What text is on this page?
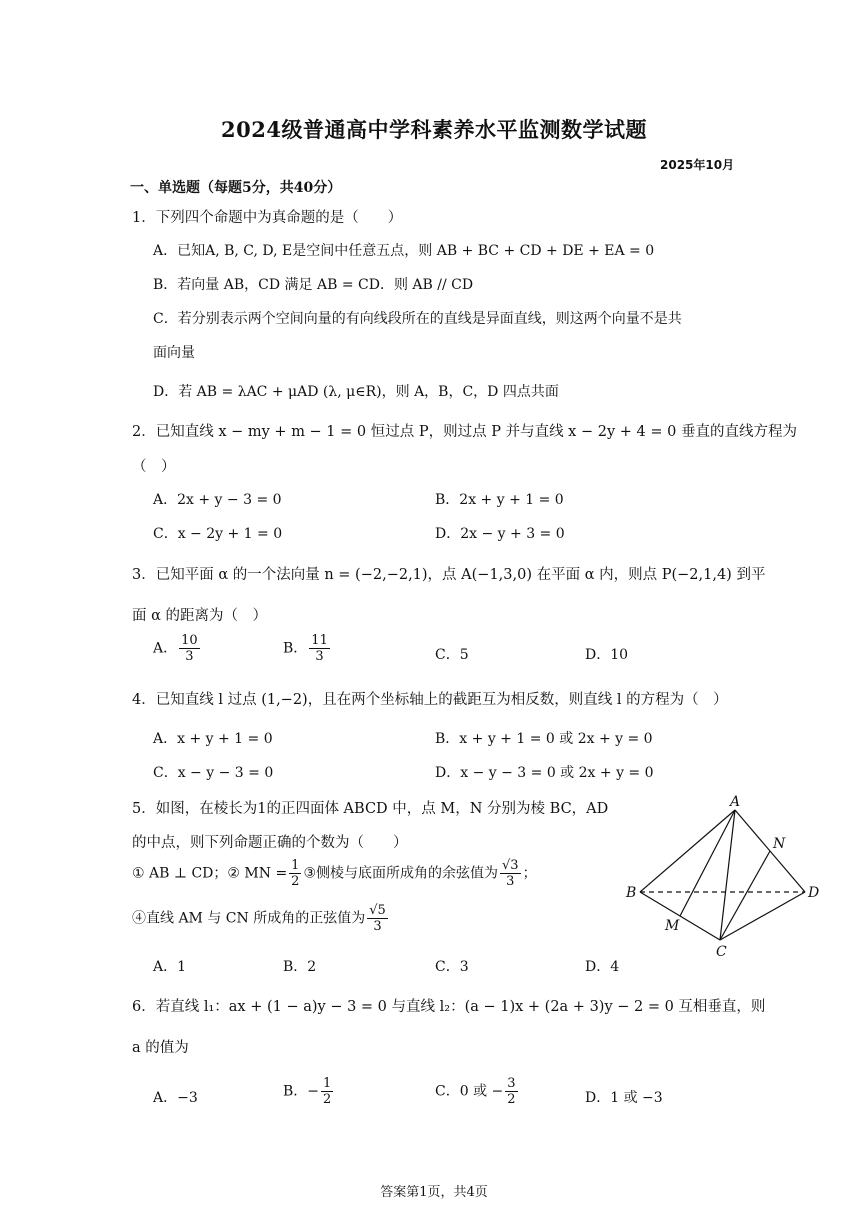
2024级普通高中学科素养水平监测数学试题
2025年10月
一、单选题（每题5分，共40分）
1．下列四个命题中为真命题的是（　　）
A．已知A, B, C, D, E是空间中任意五点，则 AB + BC + CD + DE + EA = 0
B．若向量 AB，CD 满足 AB = CD．则 AB // CD
C．若分别表示两个空间向量的有向线段所在的直线是异面直线，则这两个向量不是共
面向量
D．若 AB = λAC + μAD (λ, μ∈R)，则 A，B，C，D 四点共面
2．已知直线 x − my + m − 1 = 0 恒过点 P，则过点 P 并与直线 x − 2y + 4 = 0 垂直的直线方程为
（　）
A．2x + y − 3 = 0	B．2x + y + 1 = 0
C．x − 2y + 1 = 0	D．2x − y + 3 = 0
3．已知平面 α 的一个法向量 n = (−2,−2,1)，点 A(−1,3,0) 在平面 α 内，则点 P(−2,1,4) 到平
面 α 的距离为（　）
A． $\frac{10}{3}$	B． $\frac{11}{3}$	C．5	D．10
4．已知直线 l 过点 (1,−2)，且在两个坐标轴上的截距互为相反数，则直线 l 的方程为（　）
A．x + y + 1 = 0	B．x + y + 1 = 0 或 2x + y = 0
C．x − y − 3 = 0	D．x − y − 3 = 0 或 2x + y = 0
5．如图，在棱长为1的正四面体 ABCD 中，点 M，N 分别为棱 BC，AD
的中点，则下列命题正确的个数为（　　）
① AB ⊥ CD；② MN = $\frac{1}{2}$ ③侧棱与底面所成角的余弦值为 $\frac{√3}{3}$ ；
④直线 AM 与 CN 所成角的正弦值为 $\frac{√5}{3}$
A．1	B．2	C．3	D．4
A
B
C
D
M
N
6．若直线 l₁：ax + (1 − a)y − 3 = 0 与直线 l₂：(a − 1)x + (2a + 3)y − 2 = 0 互相垂直，则
a 的值为
A．−3	B．− $\frac{1}{2}$	C．0 或 − $\frac{3}{2}$	D．1 或 −3
答案第1页，共4页
